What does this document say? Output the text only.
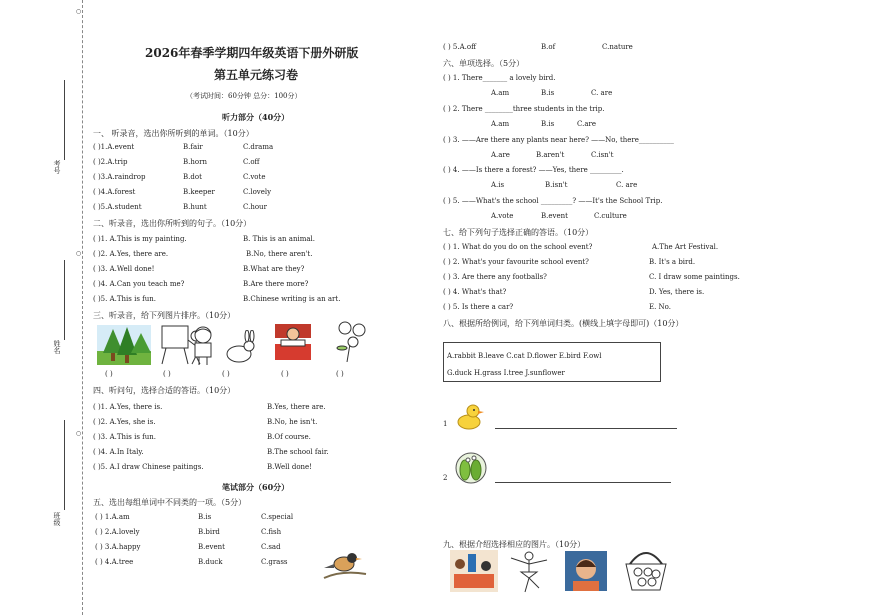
考号
姓名
班级
○
○
○
2026年春季学期四年级英语下册外研版
第五单元练习卷
（考试时间：60分钟 总分：100分）
听力部分（40分）
一、 听录音，选出你所听到的单词。（10分）
( )1.A.event	B.fair	C.drama
( )2.A.trip	B.horn	C.off
( )3.A.raindrop	B.dot	C.vote
( )4.A.forest	B.keeper	C.lovely
( )5.A.student	B.hunt	C.hour
二、听录音，选出你所听到的句子。（10分）
( )1. A.This is my painting.	B. This is an animal.
( )2. A.Yes, there are.	B.No, there aren't.
( )3. A.Well done!	B.What are they?
( )4. A.Can you teach me?	B.Are there more?
( )5. A.This is fun.	B.Chinese writing is an art.
三、听录音，给下列图片排序。（10分）
( )	( )	( )	( )	( )
四、听问句，选择合适的答语。（10分）
( )1. A.Yes, there is.	B.Yes, there are.
( )2. A.Yes, she is.	B.No, he isn't.
( )3. A.This is fun.	B.Of course.
( )4. A.In Italy.	B.The school fair.
( )5. A.I draw Chinese paitings.	B.Well done!
笔试部分（60分）
五、选出每组单词中不同类的一项。（5分）
( ) 1.A.am	B.is	C.special
( ) 2.A.lovely	B.bird	C.fish
( ) 3.A.happy	B.event	C.sad
( ) 4.A.tree	B.duck	C.grass
( ) 5.A.off	B.of	C.nature
六、单项选择。（5分）
( ) 1. There_______ a lovely bird.
A.am	B.is	C. are
( ) 2. There ________three students in the trip.
A.am	B.is	C.are
( ) 3. ——Are there any plants near here? ——No, there__________
A.are	B.aren't	C.isn't
( ) 4. ——Is there a forest? ——Yes, there _________.
A.is	B.isn't	C. are
( ) 5. ——What's the school _________? ——It's the School Trip.
A.vote	B.event	C.culture
七、给下列句子选择正确的答语。（10分）
( ) 1. What do you do on the school event?	A.The Art Festival.
( ) 2. What's your favourite school event?	B. It's a bird.
( ) 3. Are there any footballs?	C. I draw some paintings.
( ) 4. What's that?	D. Yes, there is.
( ) 5. Is there a car?	E. No.
八、根据所给例词，给下列单词归类。(横线上填字母即可)（10分）
A.rabbit B.leave C.cat D.flower E.bird F.owl
G.duck H.grass I.tree J.sunflower
1
2
九、根据介绍选择相应的图片。（10分）
